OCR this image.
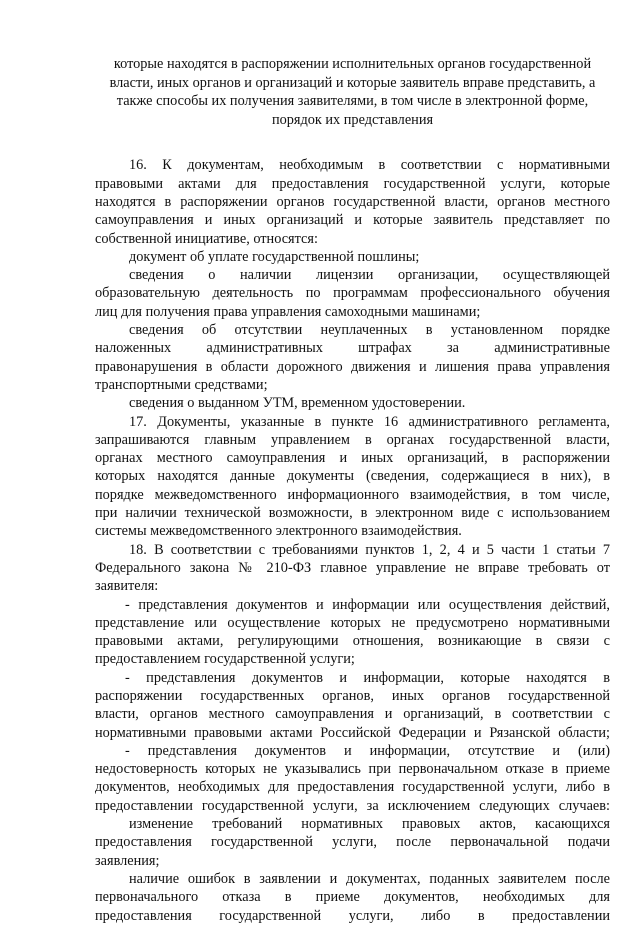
которые находятся в распоряжении исполнительных органов государственной
власти, иных органов и организаций и которые заявитель вправе представить, а
также способы их получения заявителями, в том числе в электронной форме,
порядок их представления
16. К документам, необходимым в соответствии с нормативными
правовыми актами для предоставления государственной услуги, которые
находятся в распоряжении органов государственной власти, органов местного
самоуправления и иных организаций и которые заявитель представляет по
собственной инициативе, относятся:
документ об уплате государственной пошлины;
сведения о наличии лицензии организации, осуществляющей
образовательную деятельность по программам профессионального обучения
лиц для получения права управления самоходными машинами;
сведения об отсутствии неуплаченных в установленном порядке
наложенных административных штрафах за административные
правонарушения в области дорожного движения и лишения права управления
транспортными средствами;
сведения о выданном УТМ, временном удостоверении.
17. Документы, указанные в пункте 16 административного регламента,
запрашиваются главным управлением в органах государственной власти,
органах местного самоуправления и иных организаций, в распоряжении
которых находятся данные документы (сведения, содержащиеся в них), в
порядке межведомственного информационного взаимодействия, в том числе,
при наличии технической возможности, в электронном виде с использованием
системы межведомственного электронного взаимодействия.
18. В соответствии с требованиями пунктов 1, 2, 4 и 5 части 1 статьи 7
Федерального закона № 210-ФЗ главное управление не вправе требовать от
заявителя:
- представления документов и информации или осуществления действий,
представление или осуществление которых не предусмотрено нормативными
правовыми актами, регулирующими отношения, возникающие в связи с
предоставлением государственной услуги;
- представления документов и информации, которые находятся в
распоряжении государственных органов, иных органов государственной
власти, органов местного самоуправления и организаций, в соответствии с
нормативными правовыми актами Российской Федерации и Рязанской области;
- представления документов и информации, отсутствие и (или)
недостоверность которых не указывались при первоначальном отказе в приеме
документов, необходимых для предоставления государственной услуги, либо в
предоставлении государственной услуги, за исключением следующих случаев:
изменение требований нормативных правовых актов, касающихся
предоставления государственной услуги, после первоначальной подачи
заявления;
наличие ошибок в заявлении и документах, поданных заявителем после
первоначального отказа в приеме документов, необходимых для
предоставления государственной услуги, либо в предоставлении
